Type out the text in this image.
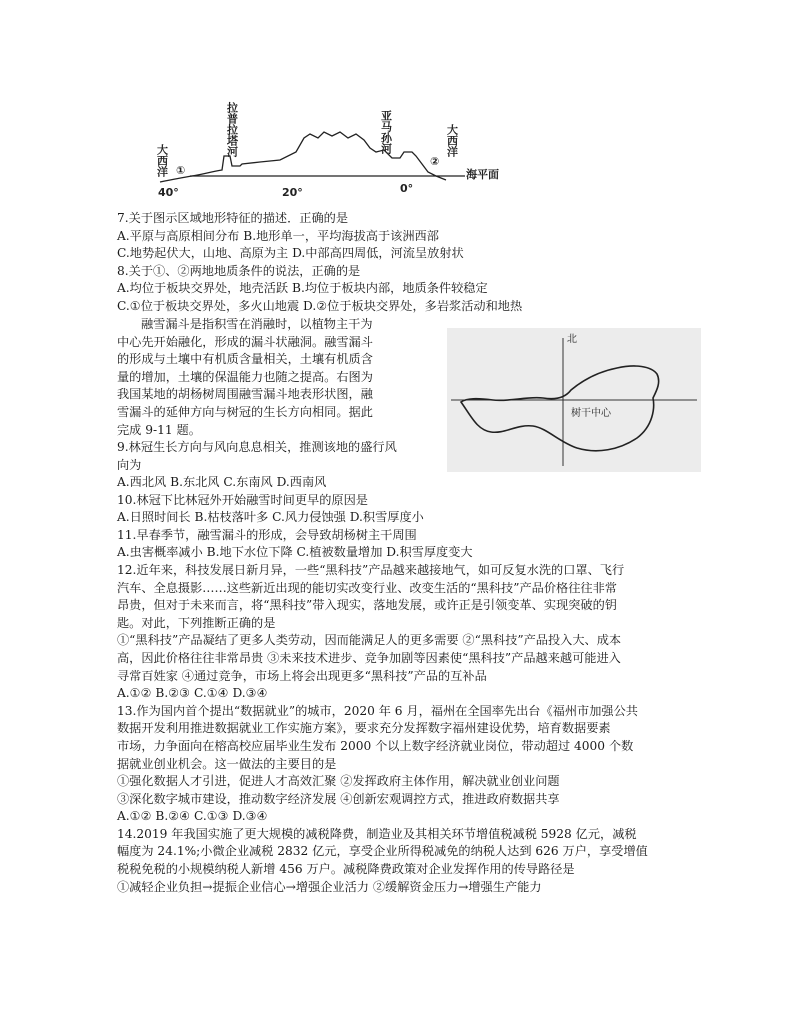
大西洋
拉普拉塔河	亚马孙河	大西洋
①
②
海平面
40°	20°	0°

7.关于图示区域地形特征的描述．正确的是

A.平原与高原相间分布 B.地形单一，平均海拔高于该洲西部

C.地势起伏大，山地、高原为主 D.中部高四周低，河流呈放射状

8.关于①、②两地地质条件的说法，正确的是

A.均位于板块交界处，地壳活跃 B.均位于板块内部，地质条件较稳定

C.①位于板块交界处，多火山地震 D.②位于板块交界处，多岩浆活动和地热

融雪漏斗是指积雪在消融时，以植物主干为

中心先开始融化，形成的漏斗状融洞。融雪漏斗

的形成与土壤中有机质含量相关，土壤有机质含

量的增加，土壤的保温能力也随之提高。右图为

我国某地的胡杨树周围融雪漏斗地表形状图，融

雪漏斗的延伸方向与树冠的生长方向相同。据此

完成 9-11 题。

9.林冠生长方向与风向息息相关，推测该地的盛行风

向为

北
树干中心

A.西北风 B.东北风 C.东南风 D.西南风

10.林冠下比林冠外开始融雪时间更早的原因是

A.日照时间长 B.枯枝落叶多 C.风力侵蚀强 D.积雪厚度小

11.早春季节，融雪漏斗的形成，会导致胡杨树主干周围

A.虫害概率减小 B.地下水位下降 C.植被数量增加 D.积雪厚度变大

12.近年来，科技发展日新月异，一些“黑科技”产品越来越接地气，如可反复水洗的口罩、飞行

汽车、全息摄影……这些新近出现的能切实改变行业、改变生活的“黑科技”产品价格往往非常

昂贵，但对于未来而言，将“黑科技”带入现实，落地发展，或许正是引领变革、实现突破的钥

匙。对此，下列推断正确的是

①“黑科技”产品凝结了更多人类劳动，因而能满足人的更多需要 ②“黑科技”产品投入大、成本

高，因此价格往往非常昂贵 ③未来技术进步、竞争加剧等因素使“黑科技”产品越来越可能进入

寻常百姓家 ④通过竞争，市场上将会出现更多“黑科技”产品的互补品

A.①② B.②③ C.①④ D.③④

13.作为国内首个提出“数据就业”的城市，2020 年 6 月，福州在全国率先出台《福州市加强公共

数据开发利用推进数据就业工作实施方案》，要求充分发挥数字福州建设优势，培育数据要素

市场，力争面向在榕高校应届毕业生发布 2000 个以上数字经济就业岗位，带动超过 4000 个数

据就业创业机会。这一做法的主要目的是

①强化数据人才引进，促进人才高效汇聚 ②发挥政府主体作用，解决就业创业问题

③深化数字城市建设，推动数字经济发展 ④创新宏观调控方式，推进政府数据共享

A.①② B.②④ C.①③ D.③④

14.2019 年我国实施了更大规模的减税降费，制造业及其相关环节增值税减税 5928 亿元，减税

幅度为 24.1%;小微企业减税 2832 亿元，享受企业所得税减免的纳税人达到 626 万户，享受增值

税税免税的小规模纳税人新增 456 万户。减税降费政策对企业发挥作用的传导路径是

①减轻企业负担→提振企业信心→增强企业活力 ②缓解资金压力→增强生产能力
